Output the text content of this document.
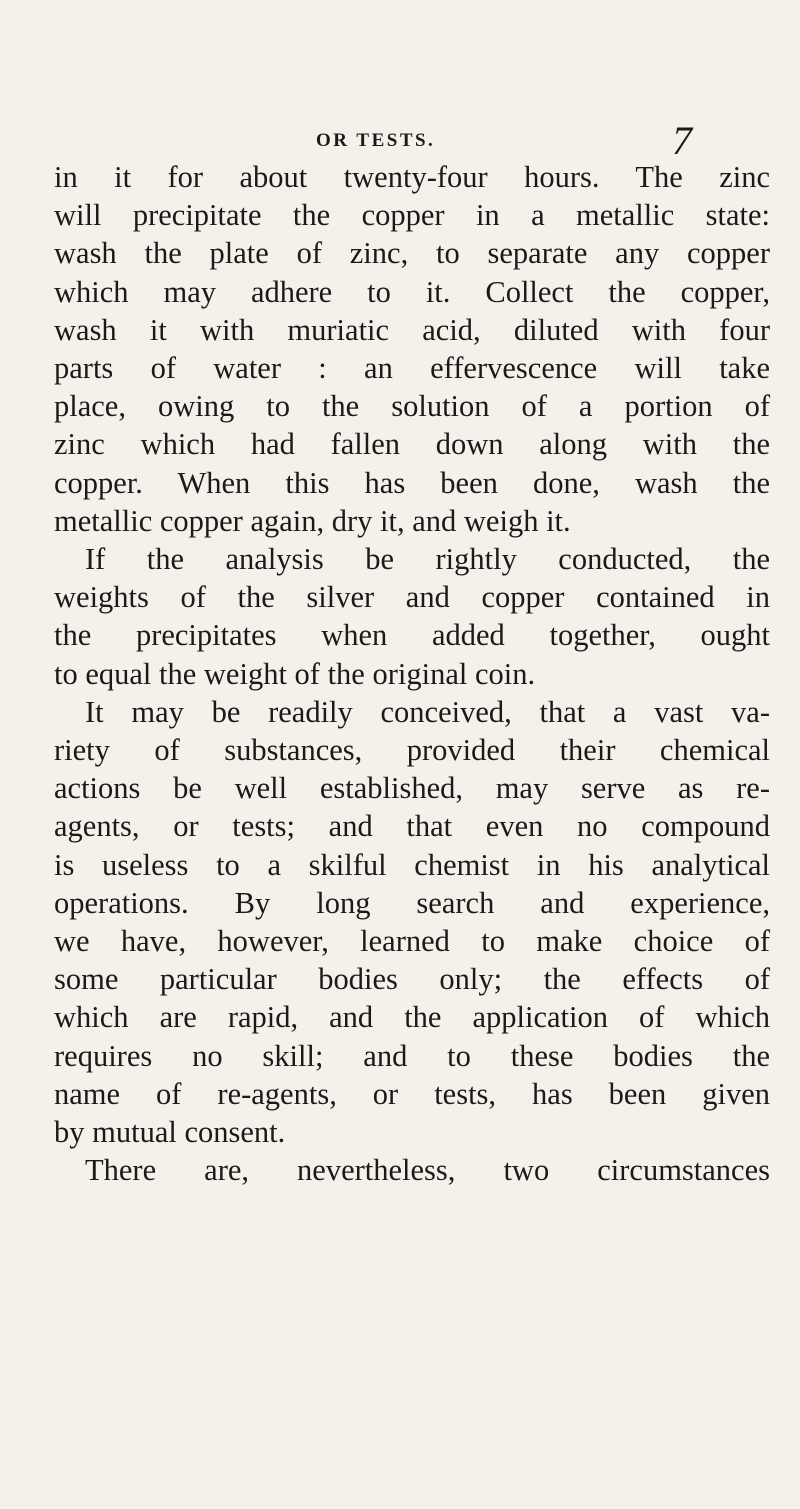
OR TESTS.	7
in it for about twenty-four hours. The zinc
will precipitate the copper in a metallic state:
wash the plate of zinc, to separate any copper
which may adhere to it. Collect the copper,
wash it with muriatic acid, diluted with four
parts of water : an effervescence will take
place, owing to the solution of a portion of
zinc which had fallen down along with the
copper. When this has been done, wash the
metallic copper again, dry it, and weigh it.
If the analysis be rightly conducted, the
weights of the silver and copper contained in
the precipitates when added together, ought
to equal the weight of the original coin.
It may be readily conceived, that a vast va-
riety of substances, provided their chemical
actions be well established, may serve as re-
agents, or tests; and that even no compound
is useless to a skilful chemist in his analytical
operations. By long search and experience,
we have, however, learned to make choice of
some particular bodies only; the effects of
which are rapid, and the application of which
requires no skill; and to these bodies the
name of re-agents, or tests, has been given
by mutual consent.
There are, nevertheless, two circumstances
